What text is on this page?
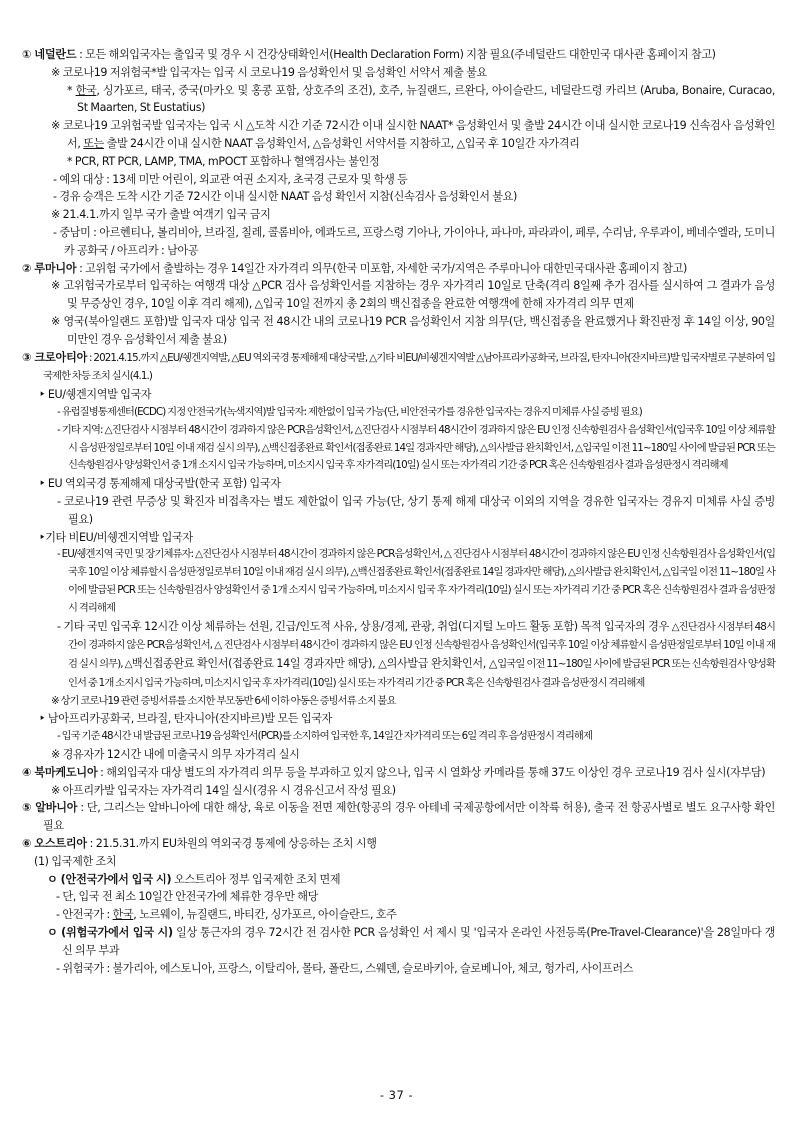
① 네덜란드 : 모든 해외입국자는 출입국 및 경우 시 건강상태확인서(Health Declaration Form) 지참 필요(주네덜란드 대한민국 대사관 홈페이지 참고)

※ 코로나19 저위험국*발 입국자는 입국 시 코로나19 음성확인서 및 음성확인 서약서 제출 불요

* 한국, 싱가포르, 태국, 중국(마카오 및 홍콩 포함, 상호주의 조건), 호주, 뉴질랜드, 르완다, 아이슬란드, 네덜란드령 카리브 (Aruba, Bonaire, Curacao, St Maarten, St Eustatius)

※ 코로나19 고위험국발 입국자는 입국 시 △도착 시간 기준 72시간 이내 실시한 NAAT* 음성확인서 및 출발 24시간 이내 실시한 코로나19 신속검사 음성확인서, 또는 출발 24시간 이내 실시한 NAAT 음성확인서, △음성확인 서약서를 지참하고, △입국 후 10일간 자가격리

* PCR, RT PCR, LAMP, TMA, mPOCT 포함하나 혈액검사는 불인정

- 예외 대상 : 13세 미만 어린이, 외교관 여권 소지자, 초국경 근로자 및 학생 등

- 경유 승객은 도착 시간 기준 72시간 이내 실시한 NAAT 음성 확인서 지참(신속검사 음성확인서 불요)

※ 21.4.1.까지 일부 국가 출발 여객기 입국 금지

- 중남미 : 아르헨티나, 볼리비아, 브라질, 칠레, 콜롬비아, 에콰도르, 프랑스령 기아나, 가이아나, 파나마, 파라과이, 페루, 수리남, 우루과이, 베네수엘라, 도미니카 공화국 / 아프리카 : 남아공

② 루마니아 : 고위험 국가에서 출발하는 경우 14일간 자가격리 의무(한국 미포함, 자세한 국가/지역은 주루마니아 대한민국대사관 홈페이지 참고)

※ 고위험국가로부터 입국하는 여행객 대상 △PCR 검사 음성확인서를 지참하는 경우 자가격리 10일로 단축(격리 8일째 추가 검사를 실시하여 그 결과가 음성 및 무증상인 경우, 10일 이후 격리 해제), △입국 10일 전까지 총 2회의 백신접종을 완료한 여행객에 한해 자가격리 의무 면제

※ 영국(북아일랜드 포함)발 입국자 대상 입국 전 48시간 내의 코로나19 PCR 음성확인서 지참 의무(단, 백신접종을 완료했거나 확진판정 후 14일 이상, 90일 미만인 경우 음성확인서 제출 불요)

③ 크로아티아 : 2021.4.15.까지 △EU/쉥겐지역발, △EU 역외국경 통제해제 대상국발, △기타 비EU/비쉥겐지역발 △남아프리카공화국, 브라질, 탄자니아(잔지바르)발 입국자별로 구분하여 입국제한 차등 조치 실시(4.1.)

‣ EU/쉥겐지역발 입국자

- 유럽질병통제센터(ECDC) 지정 안전국가(녹색지역)발 입국자: 제한없이 입국 가능(단, 비안전국가를 경유한 입국자는 경유지 미체류 사실 증빙 필요)

- 기타 지역: △진단검사 시점부터 48시간이 경과하지 않은 PCR음성확인서, △진단검사 시점부터 48시간이 경과하지 않은 EU 인정 신속항원검사 음성확인서(입국후 10일 이상 체류할시 음성판정일로부터 10일 이내 재검 실시 의무), △백신접종완료 확인서(접종완료 14일 경과자만 해당), △의사발급 완치확인서, △입국일 이전 11~180일 사이에 발급된 PCR 또는 신속항원검사 양성확인서 중 1개 소지시 입국 가능하며, 미소지시 입국 후 자가격리(10일) 실시 또는 자가격리 기간 중 PCR 혹은 신속항원검사 결과 음성판정시 격리해제

‣ EU 역외국경 통제해제 대상국발(한국 포함) 입국자

- 코로나19 관련 무증상 및 확진자 비접촉자는 별도 제한없이 입국 가능(단, 상기 통제 해제 대상국 이외의 지역을 경유한 입국자는 경유지 미체류 사실 증빙 필요)

‣기타 비EU/비쉥겐지역발 입국자

- EU/쉥겐지역 국민 및 장기체류자: △진단검사 시점부터 48시간이 경과하지 않은 PCR음성확인서, △ 진단검사 시점부터 48시간이 경과하지 않은 EU 인정 신속항원검사 음성확인서(입국후 10일 이상 체류할시 음성판정일로부터 10일 이내 재검 실시 의무), △백신접종완료 확인서(접종완료 14일 경과자만 해당), △의사발급 완치확인서, △입국일 이전 11~180일 사이에 발급된 PCR 또는 신속항원검사 양성확인서 중 1개 소지시 입국 가능하며, 미소지시 입국 후 자가격리(10일) 실시 또는 자가격리 기간 중 PCR 혹은 신속항원검사 결과 음성판정시 격리해제

- 기타 국민 입국후 12시간 이상 체류하는 선원, 긴급/인도적 사유, 상용/경제, 관광, 취업(디지털 노마드 활동 포함) 목적 입국자의 경우 △진단검사 시점부터 48시간이 경과하지 않은 PCR음성확인서, △ 진단검사 시점부터 48시간이 경과하지 않은 EU 인정 신속항원검사 음성확인서(입국후 10일 이상 체류할시 음성판정일로부터 10일 이내 재검 실시 의무), △백신접종완료 확인서(접종완료 14일 경과자만 해당), △의사발급 완치확인서, △입국일 이전 11~180일 사이에 발급된 PCR 또는 신속항원검사 양성확인서 중 1개 소지시 입국 가능하며, 미소지시 입국 후 자가격리(10일) 실시 또는 자가격리 기간 중 PCR 혹은 신속항원검사 결과 음성판정시 격리해제

※ 상기 코로나19 관련 증빙서류를 소지한 부모동반 6세 이하 아동은 증빙서류 소지 불요

‣ 남아프리카공화국, 브라질, 탄자니아(잔지바르)발 모든 입국자

- 입국 기준 48시간 내 발급된 코로나19 음성확인서(PCR)를 소지하여 입국한 후, 14일간 자가격리 또는 6일 격리 후 음성판정시 격리해제

※ 경유자가 12시간 내에 미출국시 의무 자가격리 실시

④ 북마케도니아 : 해외입국자 대상 별도의 자가격리 의무 등을 부과하고 있지 않으나, 입국 시 열화상 카메라를 통해 37도 이상인 경우 코로나19 검사 실시(자부담)

※ 아프리카발 입국자는 자가격리 14일 실시(경유 시 경유신고서 작성 필요)

⑤ 알바니아 : 단, 그리스는 알바니아에 대한 해상, 육로 이동을 전면 제한(항공의 경우 아테네 국제공항에서만 이착륙 허용), 출국 전 항공사별로 별도 요구사항 확인 필요

⑥ 오스트리아 : 21.5.31.까지 EU차원의 역외국경 통제에 상응하는 조치 시행

(1) 입국제한 조치

ㅇ (안전국가에서 입국 시) 오스트리아 정부 입국제한 조치 면제

- 단, 입국 전 최소 10일간 안전국가에 체류한 경우만 해당

- 안전국가 : 한국, 노르웨이, 뉴질랜드, 바티칸, 싱가포르, 아이슬란드, 호주

ㅇ (위험국가에서 입국 시) 일상 통근자의 경우 72시간 전 검사한 PCR 음성확인 서 제시 및 '입국자 온라인 사전등록(Pre-Travel-Clearance)'을 28일마다 갱신 의무 부과

- 위험국가 : 불가리아, 에스토니아, 프랑스, 이탈리아, 몰타, 폴란드, 스웨덴, 슬로바키아, 슬로베니아, 체코, 헝가리, 사이프러스

- 37 -
